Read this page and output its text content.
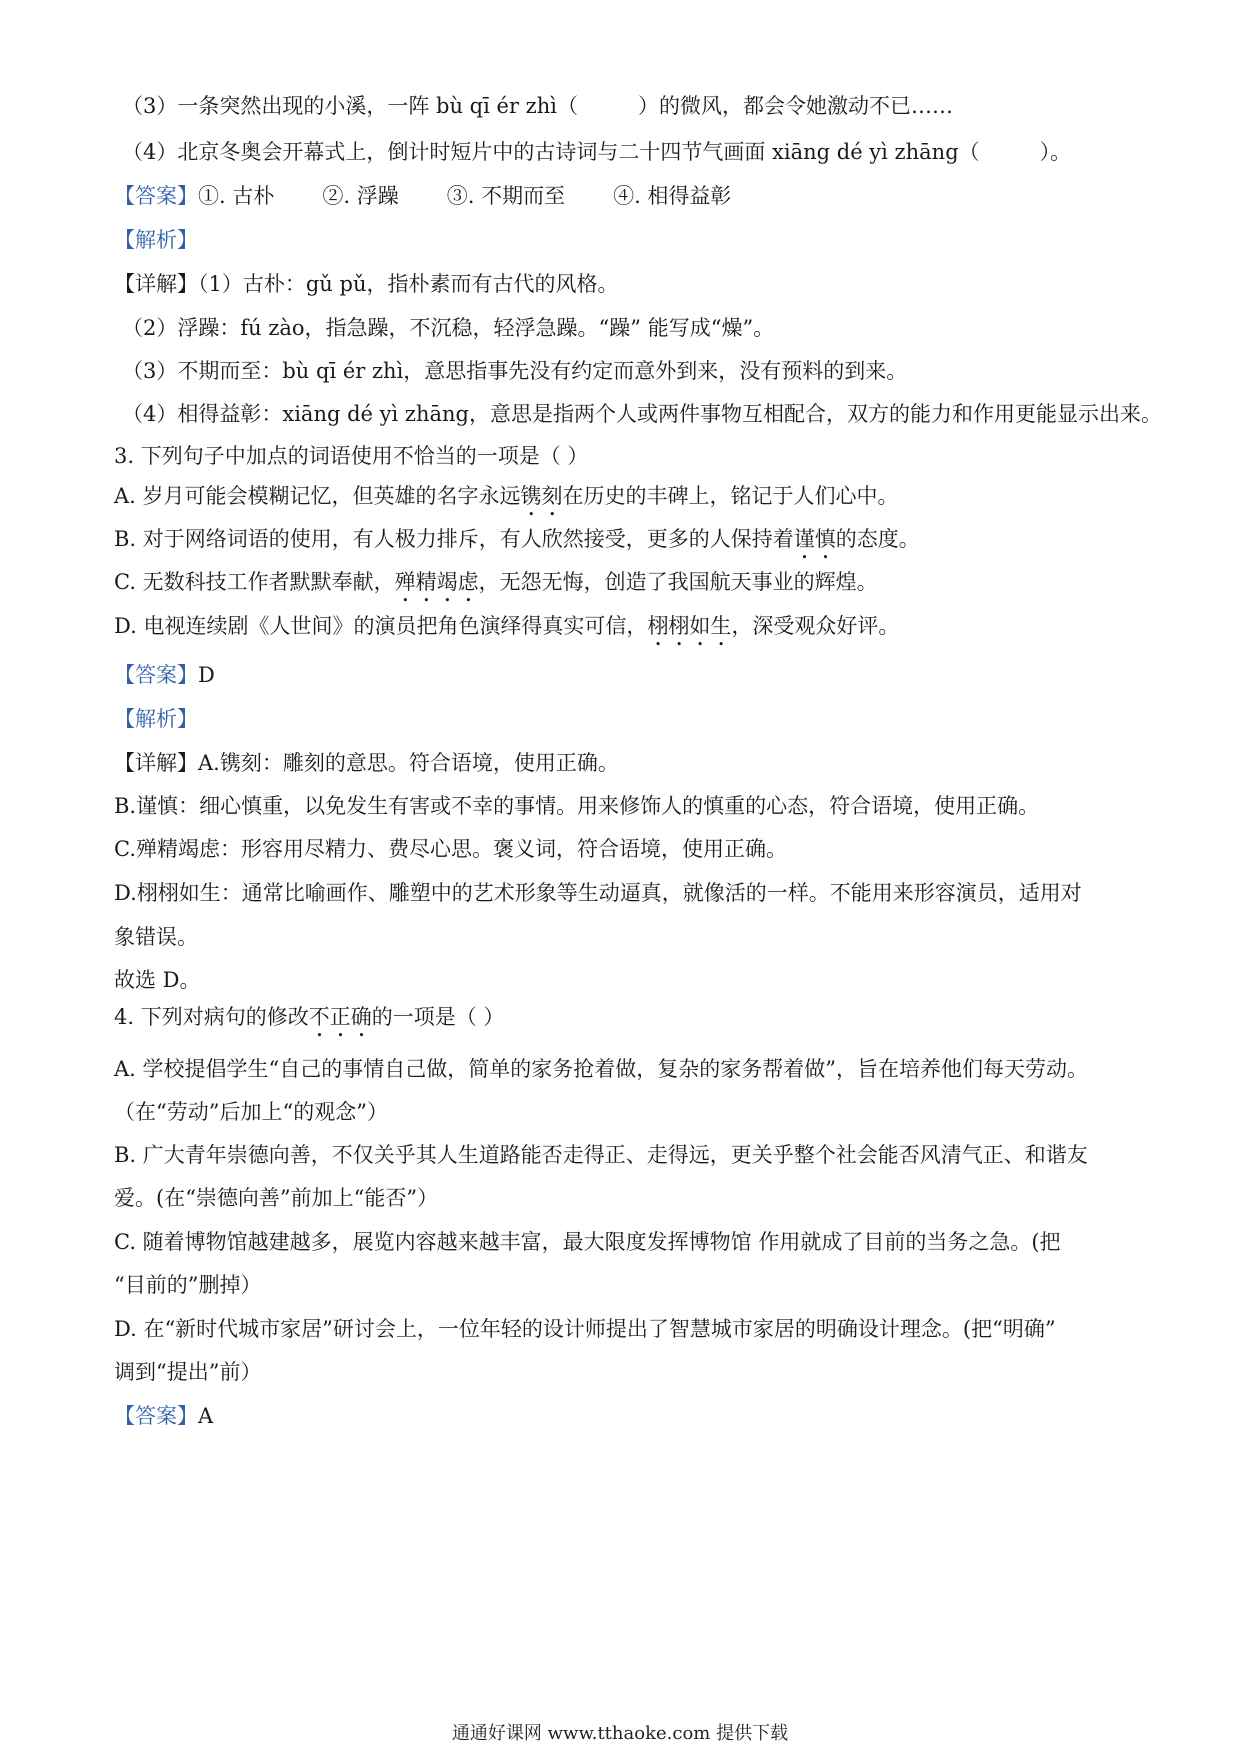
（3）一条突然出现的小溪，一阵 bù qī ér zhì（	）的微风，都会令她激动不已……
（4）北京冬奥会开幕式上，倒计时短片中的古诗词与二十四节气画面 xiāng dé yì zhāng（	）。
【答案】①. 古朴 ②. 浮躁 ③. 不期而至 ④. 相得益彰
【解析】
【详解】（1）古朴：gǔ pǔ，指朴素而有古代的风格。
（2）浮躁：fú zào，指急躁，不沉稳，轻浮急躁。“躁” 能写成“燥”。
（3）不期而至：bù qī ér zhì，意思指事先没有约定而意外到来，没有预料的到来。
（4）相得益彰：xiāng dé yì zhāng，意思是指两个人或两件事物互相配合，双方的能力和作用更能显示出来。
3. 下列句子中加点的词语使用不恰当的一项是（ ）
A. 岁月可能会模糊记忆，但英雄的名字永远镌刻在历史的丰碑上，铭记于人们心中。
B. 对于网络词语的使用，有人极力排斥，有人欣然接受，更多的人保持着谨慎的态度。
C. 无数科技工作者默默奉献，殚精竭虑，无怨无悔，创造了我国航天事业的辉煌。
D. 电视连续剧《人世间》的演员把角色演绎得真实可信，栩栩如生，深受观众好评。
【答案】D
【解析】
【详解】A.镌刻：雕刻的意思。符合语境，使用正确。
B.谨慎：细心慎重，以免发生有害或不幸的事情。用来修饰人的慎重的心态，符合语境，使用正确。
C.殚精竭虑：形容用尽精力、费尽心思。褒义词，符合语境，使用正确。
D.栩栩如生：通常比喻画作、雕塑中的艺术形象等生动逼真，就像活的一样。不能用来形容演员，适用对
象错误。
故选 D。
4. 下列对病句的修改不正确的一项是（ ）
A. 学校提倡学生“自己的事情自己做，简单的家务抢着做，复杂的家务帮着做”，旨在培养他们每天劳动。
（在“劳动”后加上“的观念”）
B. 广大青年崇德向善，不仅关乎其人生道路能否走得正、走得远，更关乎整个社会能否风清气正、和谐友
爱。(在“崇德向善”前加上“能否”）
C. 随着博物馆越建越多，展览内容越来越丰富，最大限度发挥博物馆 作用就成了目前的当务之急。(把
“目前的”删掉）
D. 在“新时代城市家居”研讨会上，一位年轻的设计师提出了智慧城市家居的明确设计理念。(把“明确”
调到“提出”前）
【答案】A
通通好课网 www.tthaoke.com 提供下载
